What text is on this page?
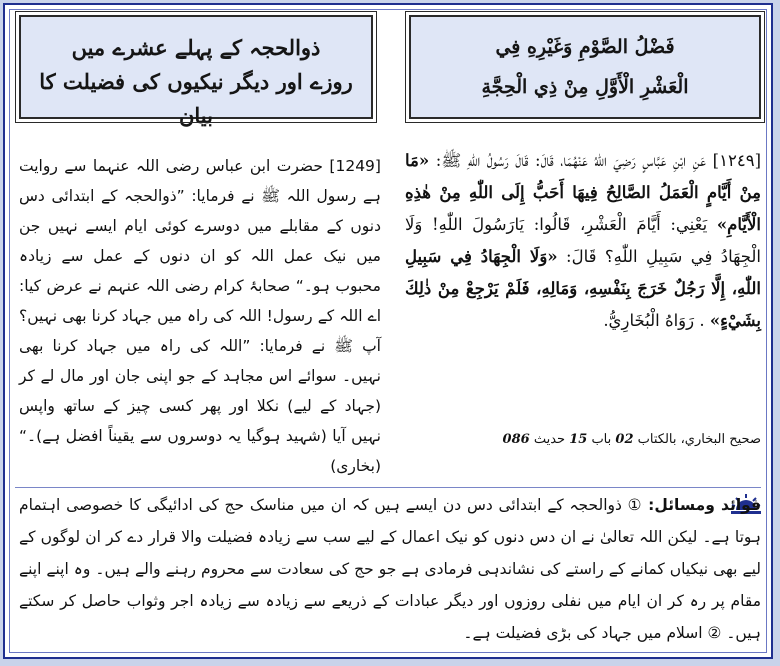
ذوالحجہ کے پہلے عشرے میں
روزے اور دیگر نیکیوں کی فضیلت کا بیان
فَضْلُ الصَّوْمِ وَغَيْرِهِ فِي
الْعَشْرِ الْأَوَّلِ مِنْ ذِي الْحِجَّةِ
[1249] حضرت ابن عباس رضی اللہ عنہما سے روایت ہے رسول اللہ ﷺ نے فرمایا: ”ذوالحجہ کے ابتدائی دس دنوں کے مقابلے میں دوسرے کوئی ایام ایسے نہیں جن میں نیک عمل اللہ کو ان دنوں کے عمل سے زیادہ محبوب ہو۔“ صحابۂ کرام رضی اللہ عنہم نے عرض کیا: اے اللہ کے رسول! اللہ کی راہ میں جہاد کرنا بھی نہیں؟ آپ ﷺ نے فرمایا: ”اللہ کی راہ میں جہاد کرنا بھی نہیں۔ سوائے اس مجاہد کے جو اپنی جان اور مال لے کر (جہاد کے لیے) نکلا اور پھر کسی چیز کے ساتھ واپس نہیں آیا (شہید ہوگیا یہ دوسروں سے یقیناً افضل ہے)۔“ (بخاری)
[١٢٤٩] عَنِ ابْنِ عَبَّاسٍ رَضِيَ اللّٰهُ عَنْهُمَا، قَالَ: قَالَ رَسُولُ اللّٰهِ ﷺ: «مَا مِنْ أَيَّامٍ الْعَمَلُ الصَّالِحُ فِيهَا أَحَبُّ إِلَى اللّٰهِ مِنْ هٰذِهِ الْأَيَّامِ» يَعْنِي: أَيَّامَ الْعَشْرِ، قَالُوا: يَارَسُولَ اللّٰهِ! وَلَا الْجِهَادُ فِي سَبِيلِ اللّٰهِ؟ قَالَ: «وَلَا الْجِهَادُ فِي سَبِيلِ اللّٰهِ، إِلَّا رَجُلٌ خَرَجَ بِنَفْسِهِ، وَمَالِهِ، فَلَمْ يَرْجِعْ مِنْ ذٰلِكَ بِشَيْءٍ» . رَوَاهُ الْبُخَارِيُّ.
صحيح البخاري، بالكتاب 02 باب 15 حديث 086
فوائد ومسائل: ① ذوالحجہ کے ابتدائی دس دن ایسے ہیں کہ ان میں مناسک حج کی ادائیگی کا خصوصی اہتمام ہوتا ہے۔ لیکن اللہ تعالیٰ نے ان دس دنوں کو نیک اعمال کے لیے سب سے زیادہ فضیلت والا قرار دے کر ان لوگوں کے لیے بھی نیکیاں کمانے کے راستے کی نشاندہی فرمادی ہے جو حج کی سعادت سے محروم رہنے والے ہیں۔ وہ اپنے اپنے مقام پر رہ کر ان ایام میں نفلی روزوں اور دیگر عبادات کے ذریعے سے زیادہ سے زیادہ اجر وثواب حاصل کر سکتے ہیں۔ ② اسلام میں جہاد کی بڑی فضیلت ہے۔
